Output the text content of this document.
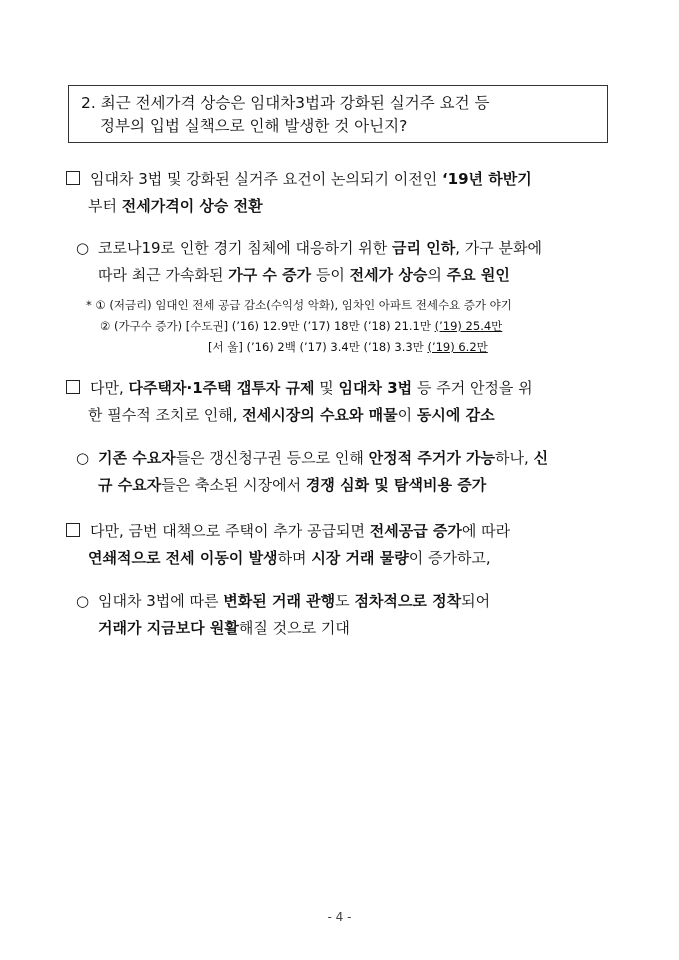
2. 최근 전세가격 상승은 임대차3법과 강화된 실거주 요건 등
정부의 입법 실책으로 인해 발생한 것 아닌지?
임대차 3법 및 강화된 실거주 요건이 논의되기 이전인 ‘19년 하반기
부터 전세가격이 상승 전환
○ 코로나19로 인한 경기 침체에 대응하기 위한 금리 인하, 가구 분화에
따라 최근 가속화된 가구 수 증가 등이 전세가 상승의 주요 원인
* ① (저금리) 임대인 전세 공급 감소(수익성 악화), 임차인 아파트 전세수요 증가 야기
② (가구수 증가) [수도권] (’16) 12.9만 (’17) 18만 (’18) 21.1만 (’19) 25.4만
[서 울] (’16) 2백 (’17) 3.4만 (’18) 3.3만 (’19) 6.2만
다만, 다주택자·1주택 갭투자 규제 및 임대차 3법 등 주거 안정을 위
한 필수적 조치로 인해, 전세시장의 수요와 매물이 동시에 감소
○ 기존 수요자들은 갱신청구권 등으로 인해 안정적 주거가 가능하나, 신
규 수요자들은 축소된 시장에서 경쟁 심화 및 탐색비용 증가
다만, 금번 대책으로 주택이 추가 공급되면 전세공급 증가에 따라
연쇄적으로 전세 이동이 발생하며 시장 거래 물량이 증가하고,
○ 임대차 3법에 따른 변화된 거래 관행도 점차적으로 정착되어
거래가 지금보다 원활해질 것으로 기대
- 4 -
